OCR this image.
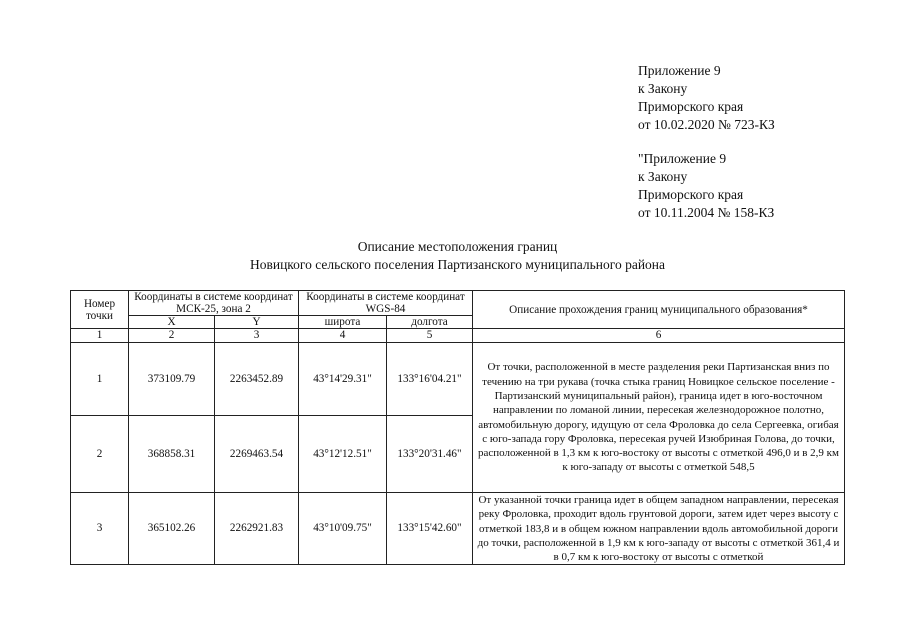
Приложение 9
к Закону
Приморского края
от 10.02.2020 № 723-КЗ
"Приложение 9
к Закону
Приморского края
от 10.11.2004 № 158-КЗ
Описание местоположения границ
Новицкого сельского поселения Партизанского муниципального района
Номер точки	Координаты в системе координат МСК-25, зона 2		Координаты в системе координат WGS-84		Описание прохождения границ муниципального образования*
	X	Y	широта	долгота	
1	2	3	4	5	6
1	373109.79	2263452.89	43°14'29.31"	133°16'04.21"	От точки, расположенной в месте разделения реки Партизанская вниз по течению на три рукава (точка стыка границ Новицкое сельское поселение - Партизанский муниципальный район), граница идет в юго-восточном направлении по ломаной линии, пересекая железнодорожное полотно, автомобильную дорогу, идущую от села Фроловка до села Сергеевка, огибая с юго-запада гору Фроловка, пересекая ручей Изюбриная Голова, до точки, расположенной в 1,3 км к юго-востоку от высоты с отметкой 496,0 и в 2,9 км к юго-западу от высоты с отметкой 548,5
2	368858.31	2269463.54	43°12'12.51"	133°20'31.46"	
3	365102.26	2262921.83	43°10'09.75"	133°15'42.60"	От указанной точки граница идет в общем западном направлении, пересекая реку Фроловка, проходит вдоль грунтовой дороги, затем идет через высоту с отметкой 183,8 и в общем южном направлении вдоль автомобильной дороги до точки, расположенной в 1,9 км к юго-западу от высоты с отметкой 361,4 и в 0,7 км к юго-востоку от высоты с отметкой
